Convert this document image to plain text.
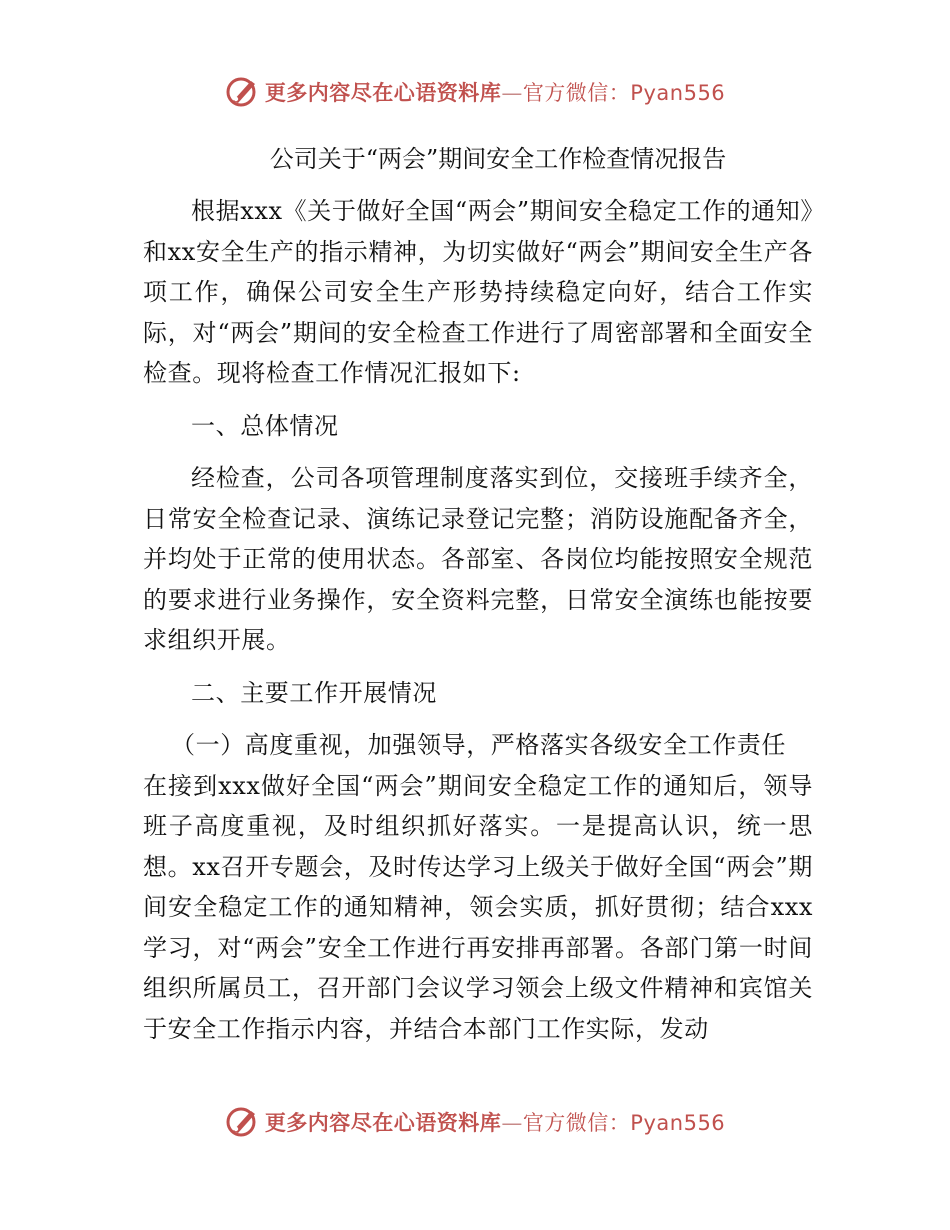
更多内容尽在心语资料库—官方微信：Pyan556
公司关于“两会”期间安全工作检查情况报告

根据xxx《关于做好全国“两会”期间安全稳定工作的通知》和xx安全生产的指示精神，为切实做好“两会”期间安全生产各项工作，确保公司安全生产形势持续稳定向好，结合工作实际，对“两会”期间的安全检查工作进行了周密部署和全面安全检查。现将检查工作情况汇报如下:

一、总体情况

经检查，公司各项管理制度落实到位，交接班手续齐全，日常安全检查记录、演练记录登记完整；消防设施配备齐全，并均处于正常的使用状态。各部室、各岗位均能按照安全规范的要求进行业务操作，安全资料完整，日常安全演练也能按要求组织开展。

二、主要工作开展情况

（一）高度重视，加强领导，严格落实各级安全工作责任

在接到xxx做好全国“两会”期间安全稳定工作的通知后，领导班子高度重视，及时组织抓好落实。一是提高认识，统一思想。xx召开专题会，及时传达学习上级关于做好全国“两会”期间安全稳定工作的通知精神，领会实质，抓好贯彻；结合xxx学习，对“两会”安全工作进行再安排再部署。各部门第一时间组织所属员工，召开部门会议学习领会上级文件精神和宾馆关于安全工作指示内容，并结合本部门工作实际，发动

更多内容尽在心语资料库—官方微信：Pyan556
